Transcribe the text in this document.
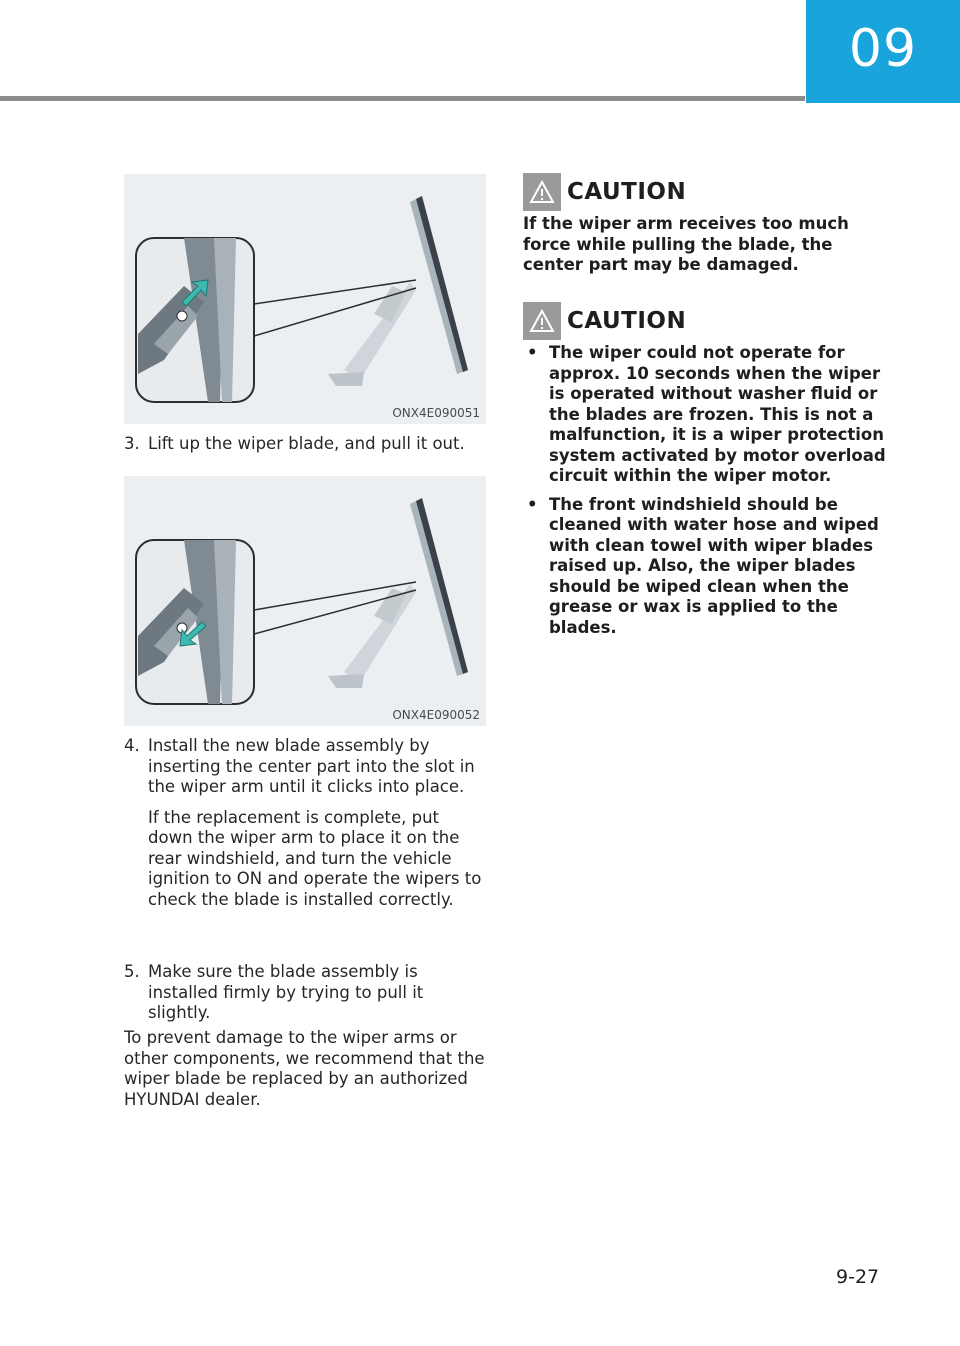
09
ONX4E090051
3. Lift up the wiper blade, and pull it out.

ONX4E090052
4. Install the new blade assembly by inserting the center part into the slot in the wiper arm until it clicks into place.

If the replacement is complete, put down the wiper arm to place it on the rear windshield, and turn the vehicle ignition to ON and operate the wipers to check the blade is installed correctly.

5. Make sure the blade assembly is installed firmly by trying to pull it slightly.

To prevent damage to the wiper arms or other components, we recommend that the wiper blade be replaced by an authorized HYUNDAI dealer.

CAUTION

If the wiper arm receives too much force while pulling the blade, the center part may be damaged.

CAUTION
• The wiper could not operate for approx. 10 seconds when the wiper is operated without washer fluid or the blades are frozen. This is not a malfunction, it is a wiper protection system activated by motor overload circuit within the wiper motor.
• The front windshield should be cleaned with water hose and wiped with clean towel with wiper blades raised up. Also, the wiper blades should be wiped clean when the grease or wax is applied to the blades.
9-27
